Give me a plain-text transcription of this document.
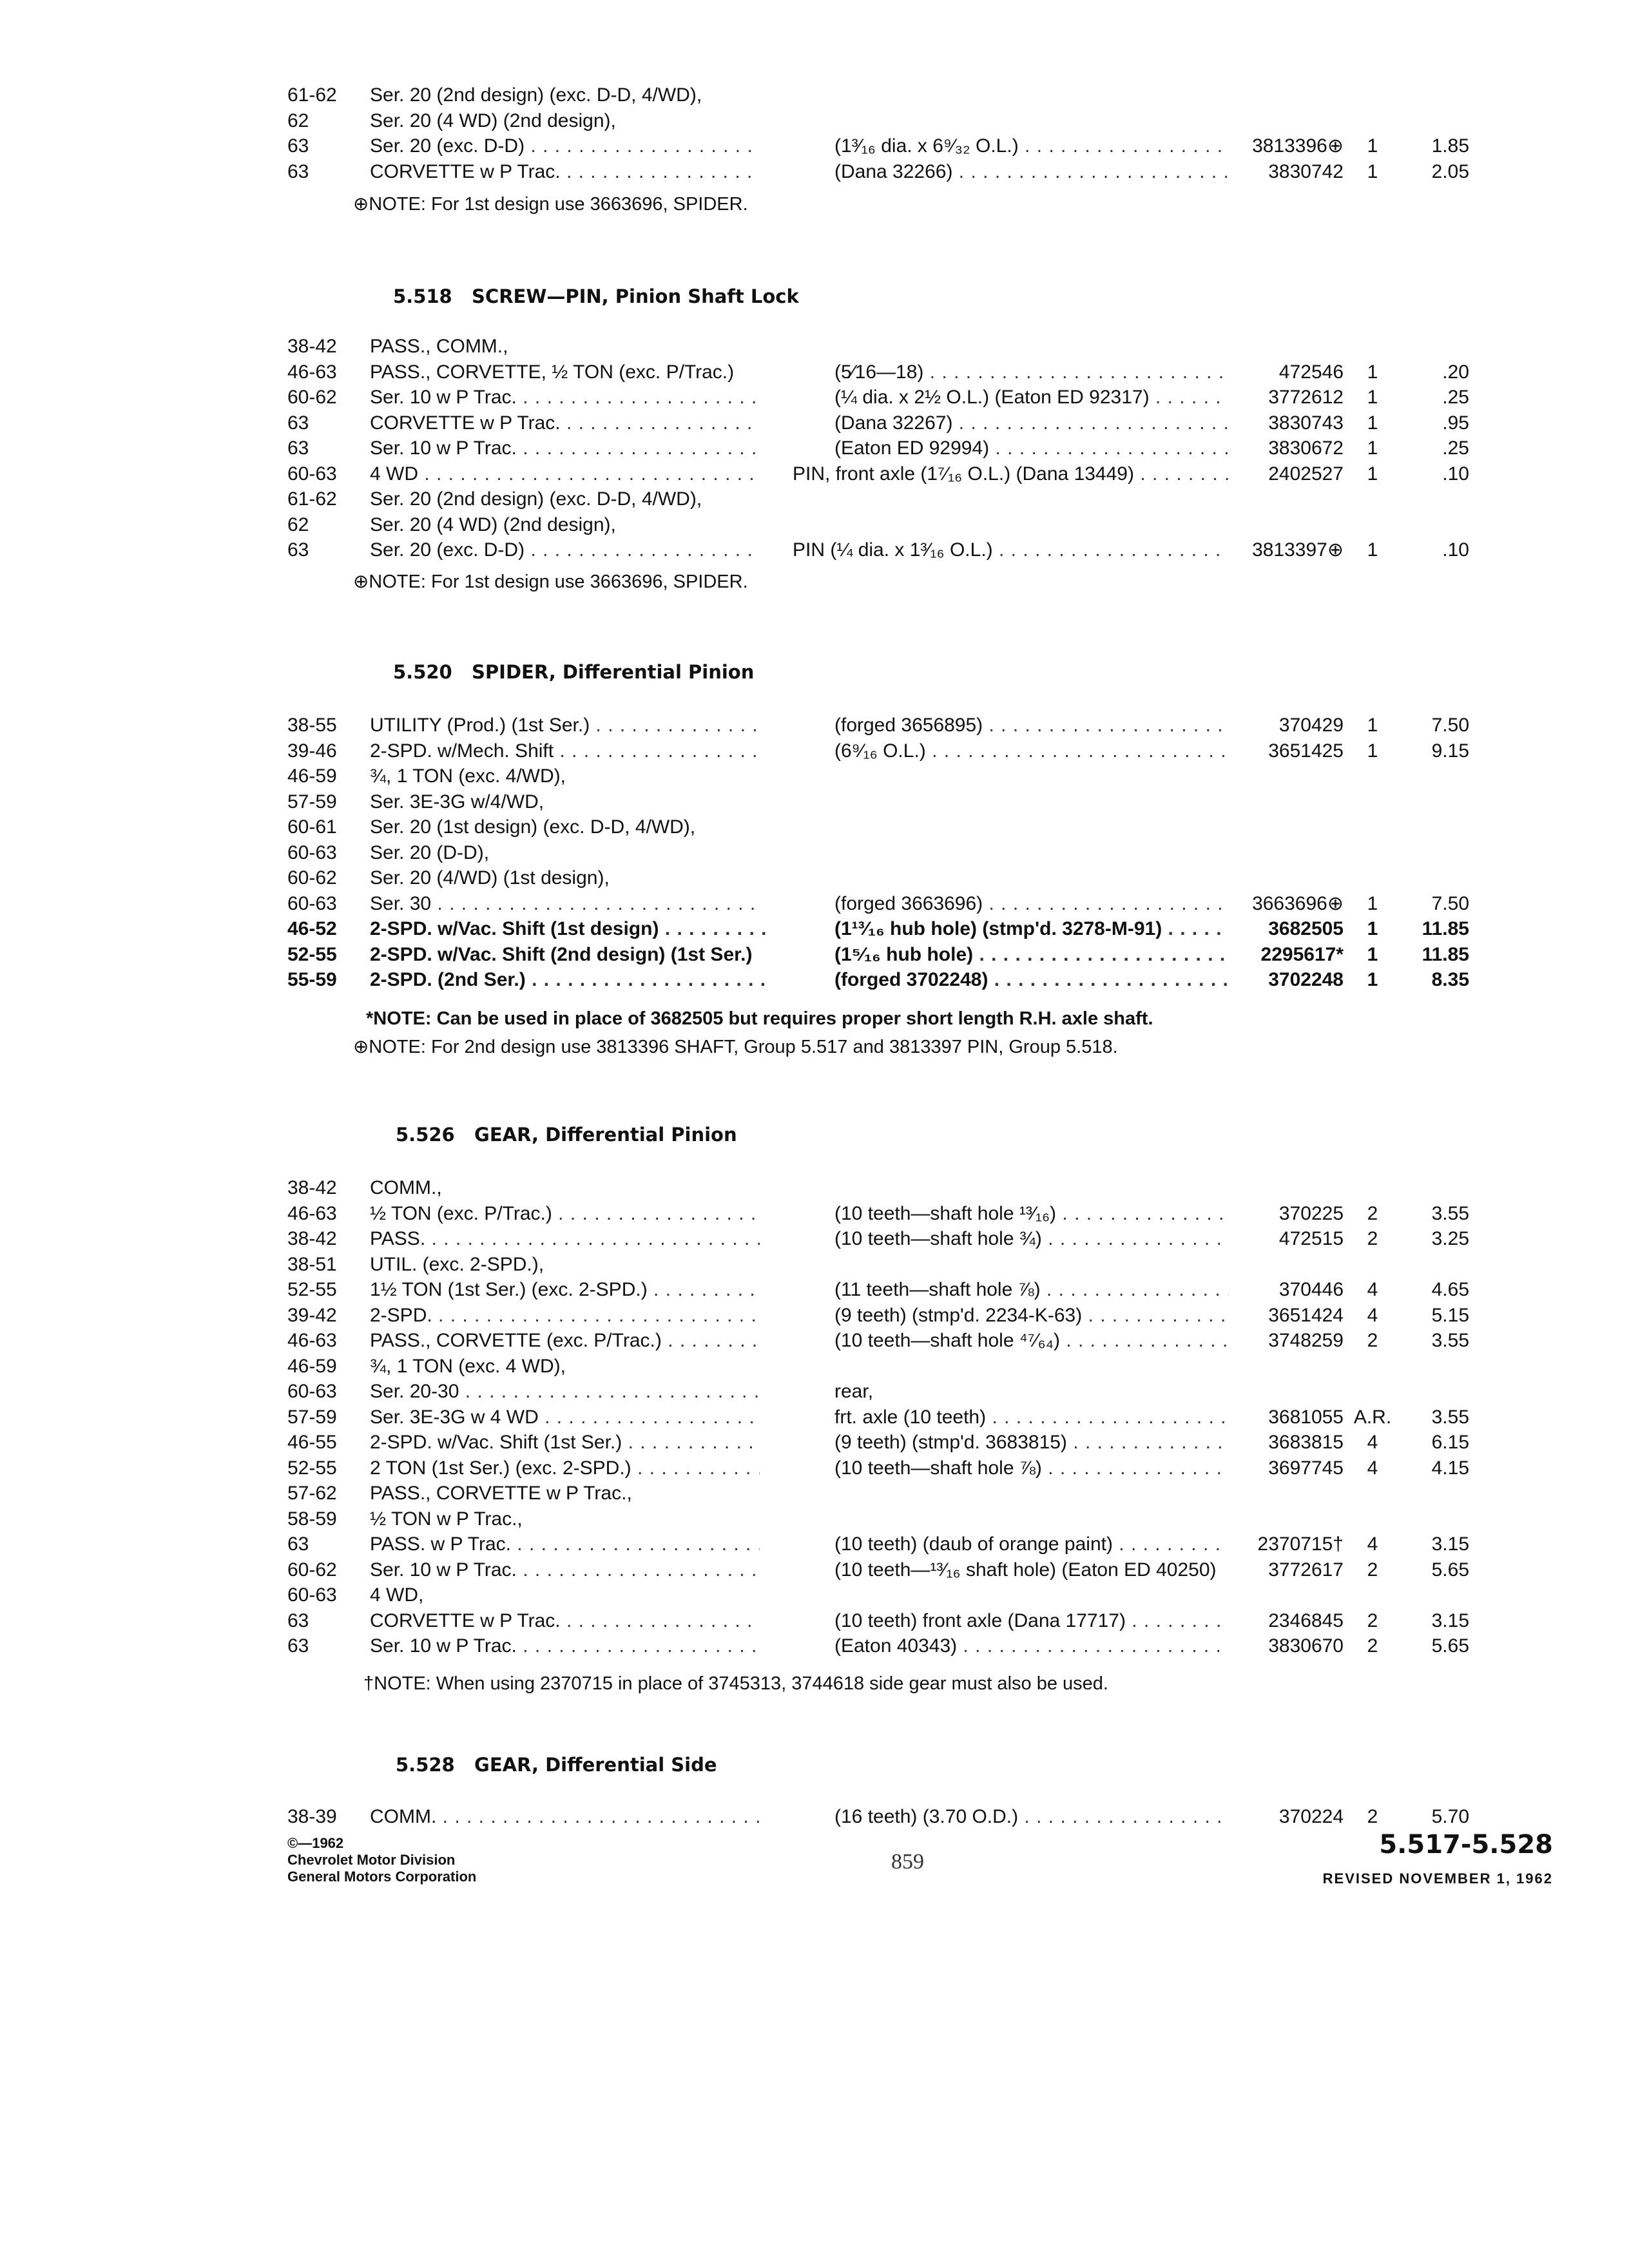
61-62 Ser. 20 (2nd design) (exc. D-D, 4/WD),
62	Ser. 20 (4 WD) (2nd design),
63	Ser. 20 (exc. D-D) . . .	(1³⁄₁₆ dia. x 6⁹⁄₃₂ O.L.) . . .	3813396⊕	1	1.85
63	CORVETTE w P Trac. . . .	(Dana 32266) . . .	3830742	1	2.05
⊕NOTE: For 1st design use 3663696, SPIDER.
5.518 SCREW—PIN, Pinion Shaft Lock
38-42 PASS., COMM.,
46-63 PASS., CORVETTE, ½ TON (exc. P/Trac.)	(5⁄16—18) . . .	472546	1	.20
60-62 Ser. 10 w P Trac. . . .	(¼ dia. x 2½ O.L.) (Eaton ED 92317) . . .	3772612	1	.25
63	CORVETTE w P Trac. . . .	(Dana 32267) . . .	3830743	1	.95
63	Ser. 10 w P Trac. . . .	(Eaton ED 92994) . . .	3830672	1	.25
60-63 4 WD . . .	PIN, front axle (1⁷⁄₁₆ O.L.) (Dana 13449) . . .	2402527	1	.10
61-62 Ser. 20 (2nd design) (exc. D-D, 4/WD),
62	Ser. 20 (4 WD) (2nd design),
63	Ser. 20 (exc. D-D) . . .	PIN (¼ dia. x 1³⁄₁₆ O.L.) . . .	3813397⊕	1	.10
⊕NOTE: For 1st design use 3663696, SPIDER.
5.520 SPIDER, Differential Pinion
38-55 UTILITY (Prod.) (1st Ser.) . . .	(forged 3656895) . . .	370429	1	7.50
39-46 2-SPD. w/Mech. Shift . . .	(6⁹⁄₁₆ O.L.) . . .	3651425	1	9.15
46-59 ¾, 1 TON (exc. 4/WD),
57-59 Ser. 3E-3G w/4/WD,
60-61 Ser. 20 (1st design) (exc. D-D, 4/WD),
60-63 Ser. 20 (D-D),
60-62 Ser. 20 (4/WD) (1st design),
60-63 Ser. 30 . . .	(forged 3663696) . . .	3663696⊕	1	7.50
46-52 2-SPD. w/Vac. Shift (1st design) . . .	(1¹³⁄₁₆ hub hole) (stmp'd. 3278-M-91) . . .	3682505	1	11.85
52-55 2-SPD. w/Vac. Shift (2nd design) (1st Ser.)	(1⁵⁄₁₆ hub hole) . . .	2295617*	1	11.85
55-59 2-SPD. (2nd Ser.) . . .	(forged 3702248) . . .	3702248	1	8.35
*NOTE: Can be used in place of 3682505 but requires proper short length R.H. axle shaft.
⊕NOTE: For 2nd design use 3813396 SHAFT, Group 5.517 and 3813397 PIN, Group 5.518.
5.526 GEAR, Differential Pinion
38-42 COMM.,
46-63 ½ TON (exc. P/Trac.) . . .	(10 teeth—shaft hole ¹³⁄₁₆) . . .	370225	2	3.55
38-42 PASS. . . .	(10 teeth—shaft hole ¾) . . .	472515	2	3.25
38-51 UTIL. (exc. 2-SPD.),
52-55 1½ TON (1st Ser.) (exc. 2-SPD.) . . .	(11 teeth—shaft hole ⅞) . . .	370446	4	4.65
39-42 2-SPD. . . .	(9 teeth) (stmp'd. 2234-K-63) . . .	3651424	4	5.15
46-63 PASS., CORVETTE (exc. P/Trac.) . . .	(10 teeth—shaft hole ⁴⁷⁄₆₄) . . .	3748259	2	3.55
46-59 ¾, 1 TON (exc. 4 WD),
60-63 Ser. 20-30 . . .	rear,
57-59 Ser. 3E-3G w 4 WD . . .	frt. axle (10 teeth) . . .	3681055 A.R.	3.55
46-55 2-SPD. w/Vac. Shift (1st Ser.) . . .	(9 teeth) (stmp'd. 3683815) . . .	3683815	4	6.15
52-55 2 TON (1st Ser.) (exc. 2-SPD.) . . .	(10 teeth—shaft hole ⅞) . . .	3697745	4	4.15
57-62 PASS., CORVETTE w P Trac.,
58-59 ½ TON w P Trac.,
63	PASS. w P Trac. . . .	(10 teeth) (daub of orange paint) . . .	2370715†	4	3.15
60-62 Ser. 10 w P Trac. . . .	(10 teeth—¹³⁄₁₆ shaft hole) (Eaton ED 40250)	3772617	2	5.65
60-63 4 WD,
63	CORVETTE w P Trac. . . .	(10 teeth) front axle (Dana 17717) . . .	2346845	2	3.15
63	Ser. 10 w P Trac. . . .	(Eaton 40343) . . .	3830670	2	5.65
†NOTE: When using 2370715 in place of 3745313, 3744618 side gear must also be used.
5.528 GEAR, Differential Side
38-39 COMM. . . .	(16 teeth) (3.70 O.D.) . . .	370224	2	5.70
©—1962
Chevrolet Motor Division
General Motors Corporation
859
5.517-5.528
REVISED NOVEMBER 1, 1962
